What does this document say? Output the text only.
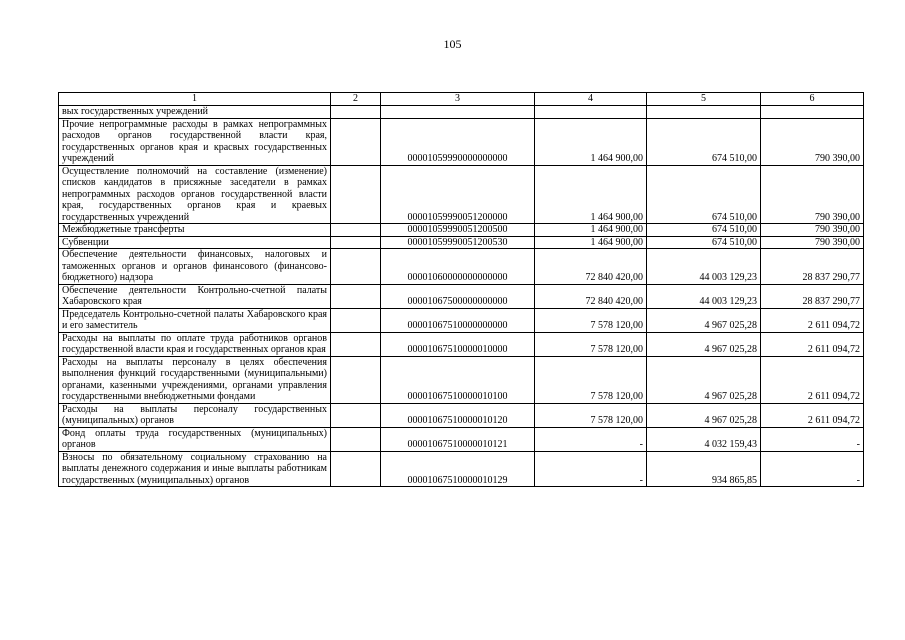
105
1	2	3	4	5	6
вых государственных учреждений					
Прочие непрограммные расходы в рамках непрограммных расходов органов государственной власти края, государственных органов края и красвых государственных учреждений		00001059990000000000	1 464 900,00	674 510,00	790 390,00
Осуществление полномочий на составление (изменение) списков кандидатов в присяжные заседатели в рамках непрограммных расходов органов государственной власти края, государственных органов края и краевых государственных учреждений		00001059990051200000	1 464 900,00	674 510,00	790 390,00
Межбюджетные трансферты		00001059990051200500	1 464 900,00	674 510,00	790 390,00
Субвенции		00001059990051200530	1 464 900,00	674 510,00	790 390,00
Обеспечение деятельности финансовых, налоговых и таможенных органов и органов финансового (финансово-бюджетного) надзора		00001060000000000000	72 840 420,00	44 003 129,23	28 837 290,77
Обеспечение деятельности Контрольно-счетной палаты Хабаровского края		00001067500000000000	72 840 420,00	44 003 129,23	28 837 290,77
Председатель Контрольно-счетной палаты Хабаровского края и его заместитель		00001067510000000000	7 578 120,00	4 967 025,28	2 611 094,72
Расходы на выплаты по оплате труда работников органов государственной власти края и государственных органов края		00001067510000010000	7 578 120,00	4 967 025,28	2 611 094,72
Расходы на выплаты персоналу в целях обеспечения выполнения функций государственными (муниципальными) органами, казенными учреждениями, органами управления государственными внебюджетными фондами		00001067510000010100	7 578 120,00	4 967 025,28	2 611 094,72
Расходы на выплаты персоналу государственных (муниципальных) органов		00001067510000010120	7 578 120,00	4 967 025,28	2 611 094,72
Фонд оплаты труда государственных (муниципальных) органов		00001067510000010121	-	4 032 159,43	-
Взносы по обязательному социальному страхованию на выплаты денежного содержания и иные выплаты работникам государственных (муниципальных) органов		00001067510000010129	-	934 865,85	-
